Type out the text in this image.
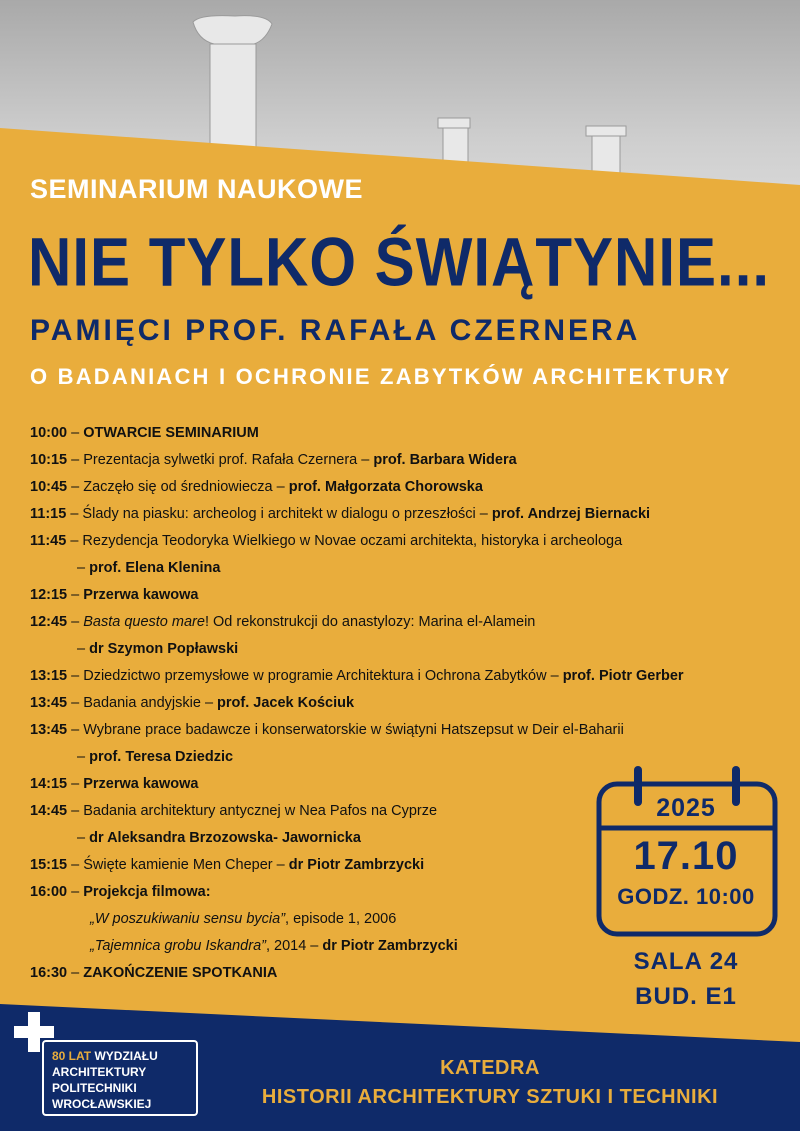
SEMINARIUM NAUKOWE
NIE TYLKO ŚWIĄTYNIE...
PAMIĘCI PROF. RAFAŁA CZERNERA
O BADANIACH I OCHRONIE ZABYTKÓW ARCHITEKTURY
10:00 – OTWARCIE SEMINARIUM
10:15 – Prezentacja sylwetki prof. Rafała Czernera – prof. Barbara Widera
10:45 – Zaczęło się od średniowiecza – prof. Małgorzata Chorowska
11:15 – Ślady na piasku: archeolog i architekt w dialogu o przeszłości – prof. Andrzej Biernacki
11:45 – Rezydencja Teodoryka Wielkiego w Novae oczami architekta, historyka i archeologa
– prof. Elena Klenina
12:15 – Przerwa kawowa
12:45 – Basta questo mare! Od rekonstrukcji do anastylozy: Marina el-Alamein
– dr Szymon Popławski
13:15 – Dziedzictwo przemysłowe w programie Architektura i Ochrona Zabytków – prof. Piotr Gerber
13:45 – Badania andyjskie – prof. Jacek Kościuk
13:45 – Wybrane prace badawcze i konserwatorskie w świątyni Hatszepsut w Deir el-Baharii
– prof. Teresa Dziedzic
14:15 – Przerwa kawowa
14:45 – Badania architektury antycznej w Nea Pafos na Cyprze
– dr Aleksandra Brzozowska- Jawornicka
15:15 – Święte kamienie Men Cheper – dr Piotr Zambrzycki
16:00 – Projekcja filmowa:
„W poszukiwaniu sensu bycia”, episode 1, 2006
„Tajemnica grobu Iskandra”, 2014 – dr Piotr Zambrzycki
16:30 – ZAKOŃCZENIE SPOTKANIA
2025
17.10
GODZ. 10:00
SALA 24
BUD. E1
80 LAT WYDZIAŁU
ARCHITEKTURY
POLITECHNIKI
WROCŁAWSKIEJ
KATEDRA
HISTORII ARCHITEKTURY SZTUKI I TECHNIKI
